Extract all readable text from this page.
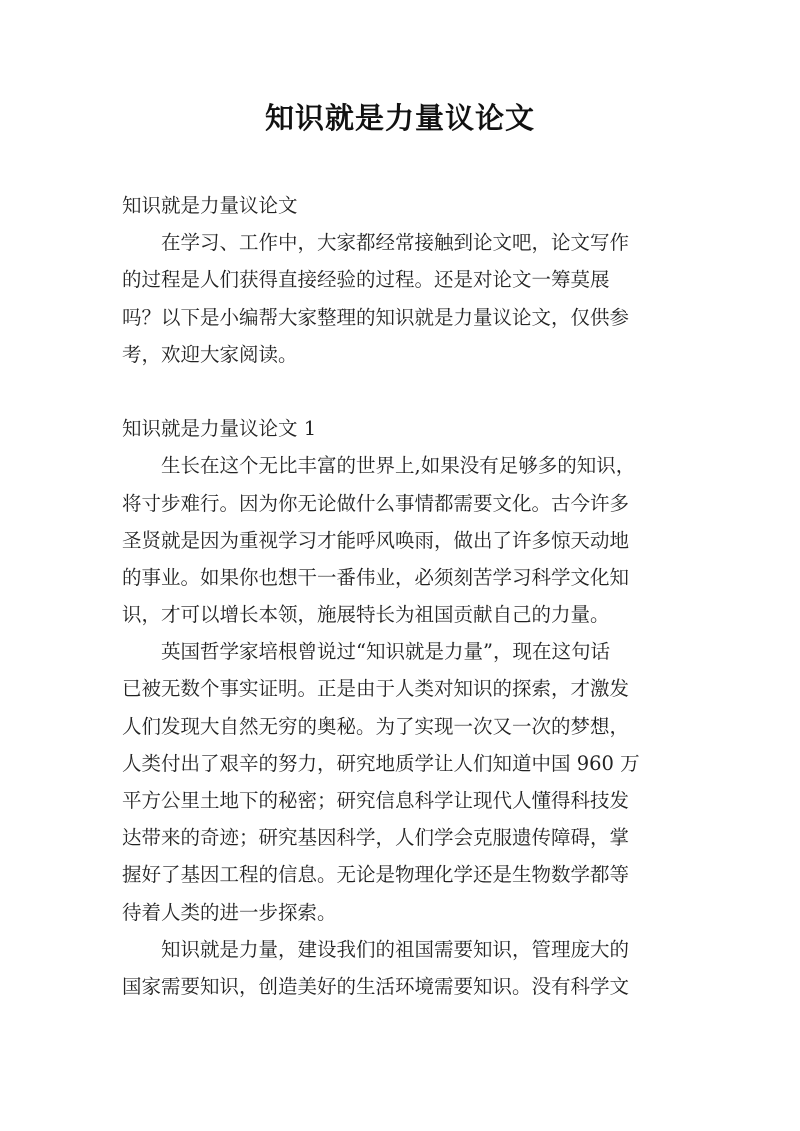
知识就是力量议论文
知识就是力量议论文
在学习、工作中，大家都经常接触到论文吧，论文写作
的过程是人们获得直接经验的过程。还是对论文一筹莫展
吗？以下是小编帮大家整理的知识就是力量议论文，仅供参
考，欢迎大家阅读。
知识就是力量议论文 1
生长在这个无比丰富的世界上,如果没有足够多的知识，
将寸步难行。因为你无论做什么事情都需要文化。古今许多
圣贤就是因为重视学习才能呼风唤雨，做出了许多惊天动地
的事业。如果你也想干一番伟业，必须刻苦学习科学文化知
识，才可以增长本领，施展特长为祖国贡献自己的力量。
英国哲学家培根曾说过“知识就是力量”，现在这句话
已被无数个事实证明。正是由于人类对知识的探索，才激发
人们发现大自然无穷的奥秘。为了实现一次又一次的梦想，
人类付出了艰辛的努力，研究地质学让人们知道中国 960 万
平方公里土地下的秘密；研究信息科学让现代人懂得科技发
达带来的奇迹；研究基因科学，人们学会克服遗传障碍，掌
握好了基因工程的信息。无论是物理化学还是生物数学都等
待着人类的进一步探索。
知识就是力量，建设我们的祖国需要知识，管理庞大的
国家需要知识，创造美好的生活环境需要知识。没有科学文
